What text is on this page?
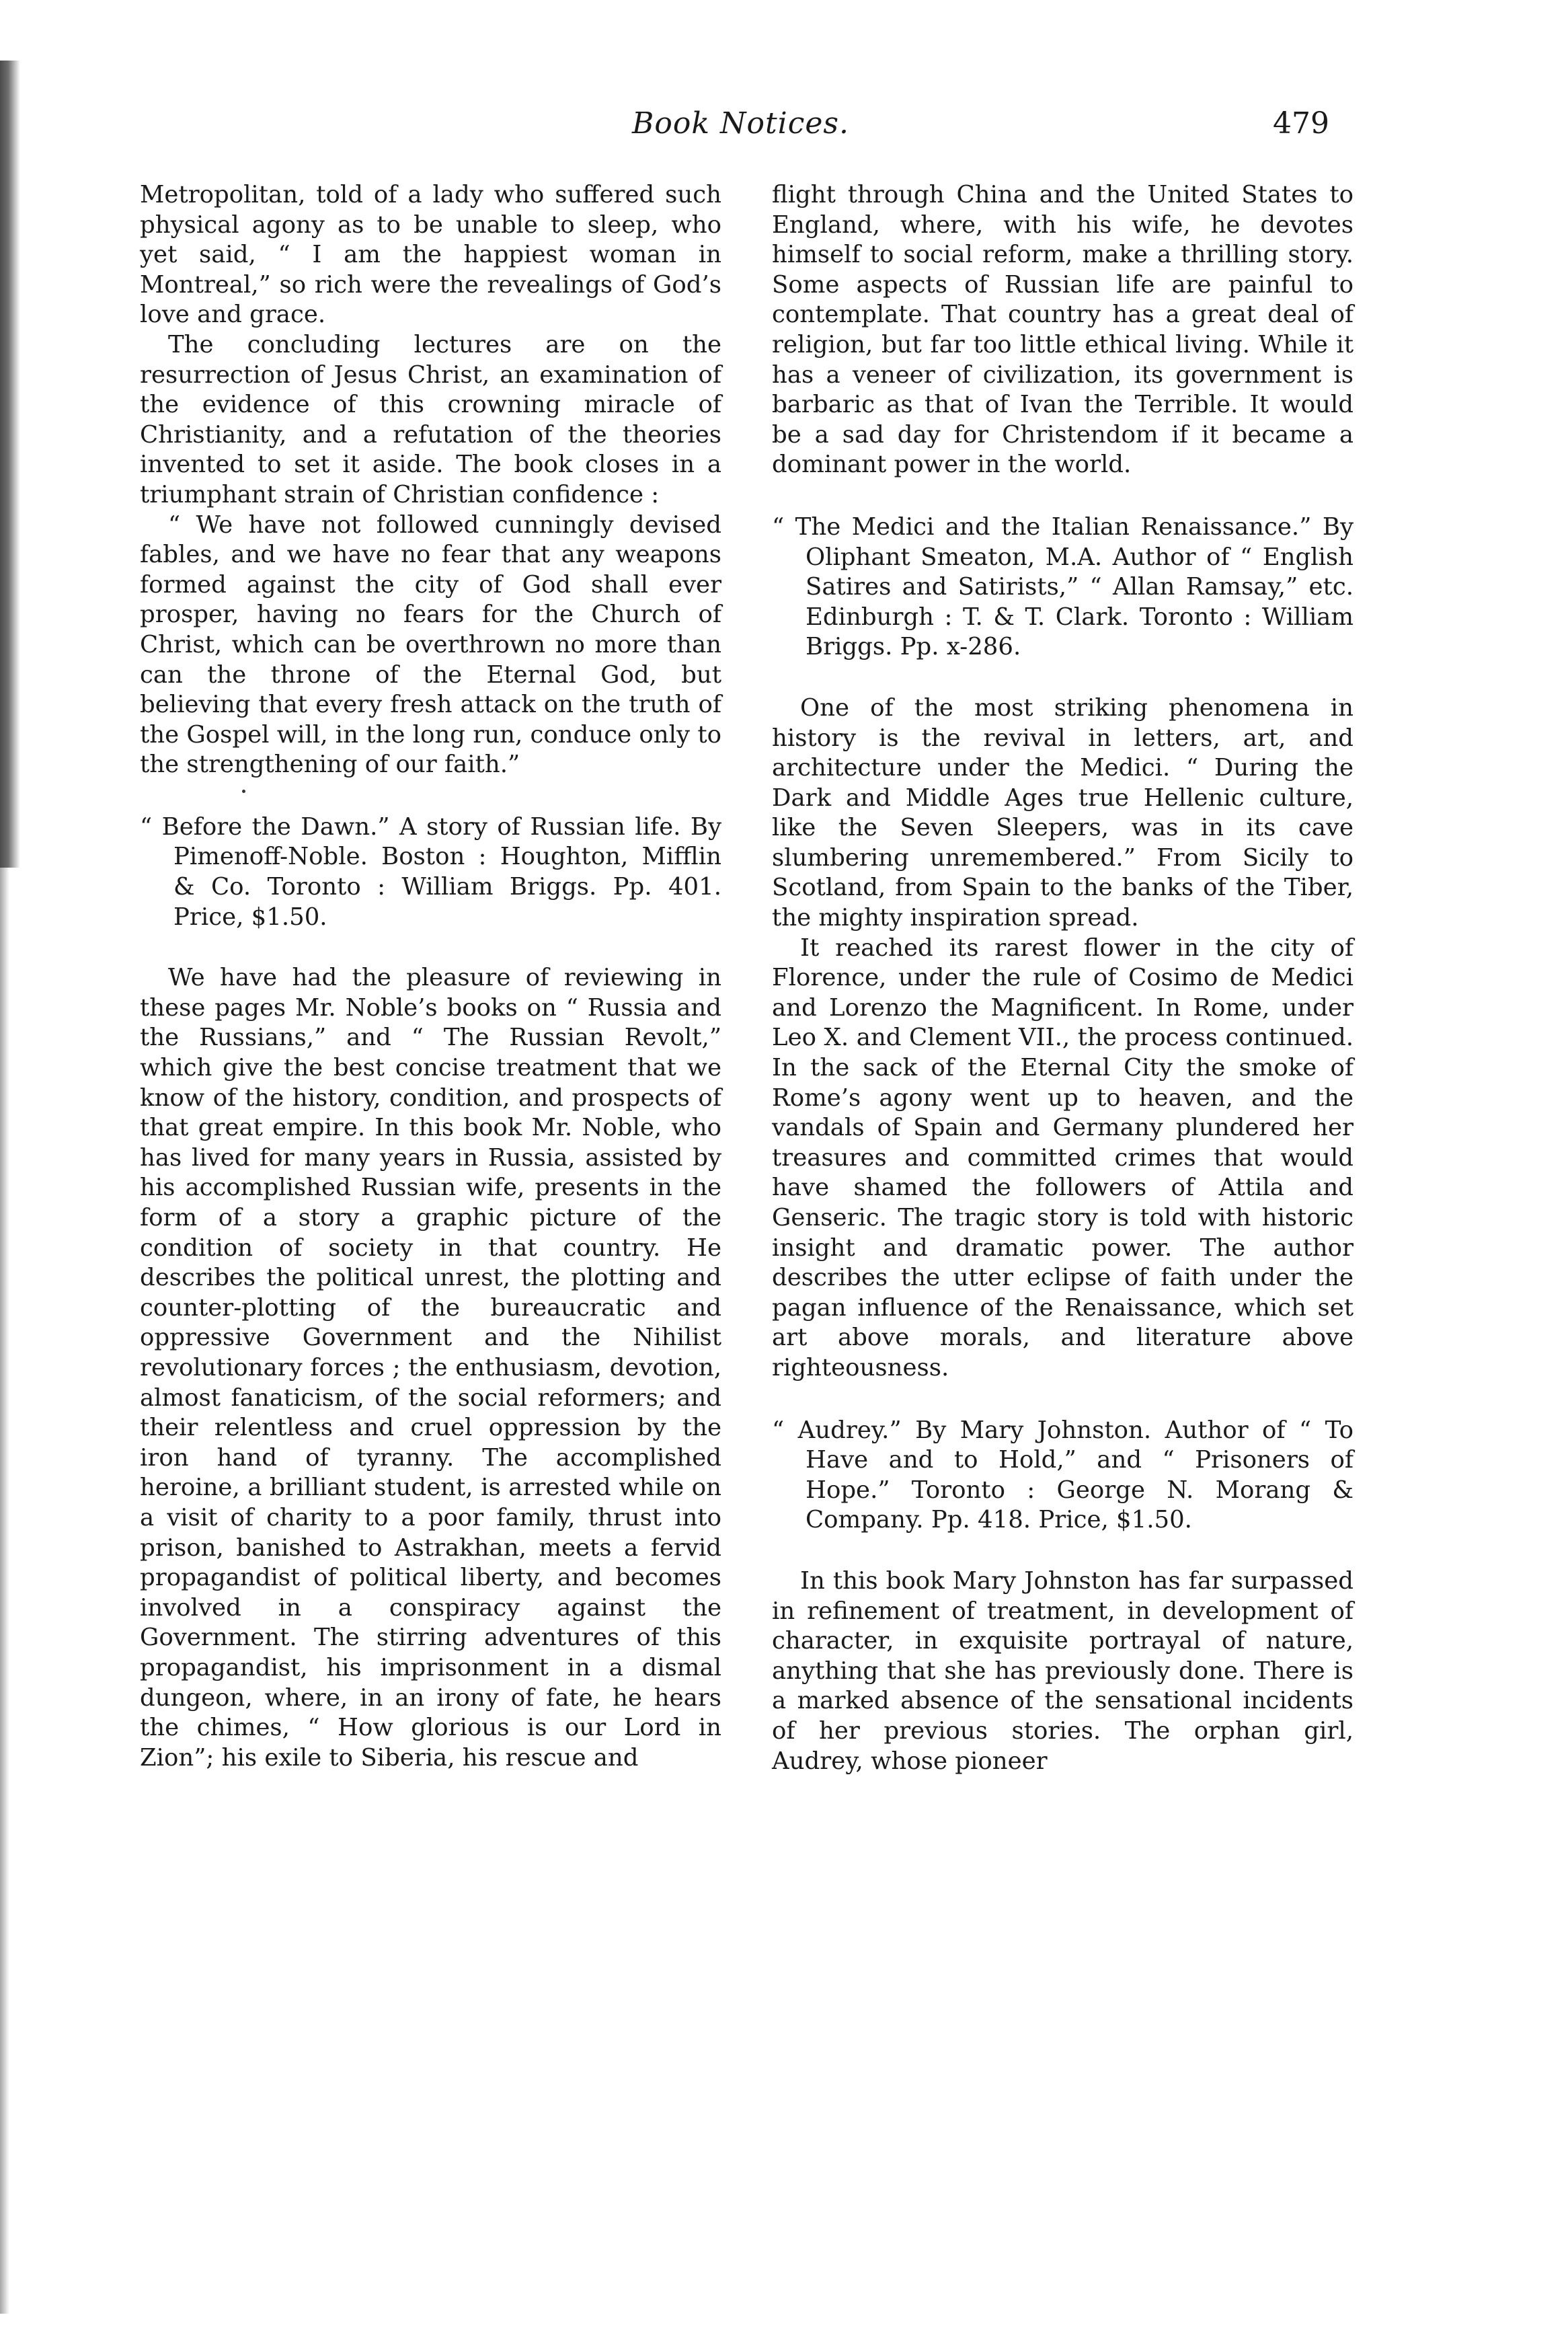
Book Notices.	479

Metropolitan, told of a lady who suffered such physical agony as to be unable to sleep, who yet said, “ I am the happiest woman in Montreal,” so rich were the revealings of God’s love and grace.

The concluding lectures are on the resurrection of Jesus Christ, an examination of the evidence of this crowning miracle of Christianity, and a refutation of the theories invented to set it aside. The book closes in a triumphant strain of Christian confidence :

“ We have not followed cunningly devised fables, and we have no fear that any weapons formed against the city of God shall ever prosper, having no fears for the Church of Christ, which can be overthrown no more than can the throne of the Eternal God, but believing that every fresh attack on the truth of the Gospel will, in the long run, conduce only to the strengthening of our faith.”

“ Before the Dawn.” A story of Russian life. By Pimenoff-Noble. Boston : Houghton, Mifflin & Co. Toronto : William Briggs. Pp. 401. Price, $1.50.

We have had the pleasure of reviewing in these pages Mr. Noble’s books on “ Russia and the Russians,” and “ The Russian Revolt,” which give the best concise treatment that we know of the history, condition, and prospects of that great empire. In this book Mr. Noble, who has lived for many years in Russia, assisted by his accomplished Russian wife, presents in the form of a story a graphic picture of the condition of society in that country. He describes the political unrest, the plotting and counter-plotting of the bureaucratic and oppressive Government and the Nihilist revolutionary forces ; the enthusiasm, devotion, almost fanaticism, of the social reformers; and their relentless and cruel oppression by the iron hand of tyranny. The accomplished heroine, a brilliant student, is arrested while on a visit of charity to a poor family, thrust into prison, banished to Astrakhan, meets a fervid propagandist of political liberty, and becomes involved in a conspiracy against the Government. The stirring adventures of this propagandist, his imprisonment in a dismal dungeon, where, in an irony of fate, he hears the chimes, “ How glorious is our Lord in Zion”; his exile to Siberia, his rescue and

flight through China and the United States to England, where, with his wife, he devotes himself to social reform, make a thrilling story. Some aspects of Russian life are painful to contemplate. That country has a great deal of religion, but far too little ethical living. While it has a veneer of civilization, its government is barbaric as that of Ivan the Terrible. It would be a sad day for Christendom if it became a dominant power in the world.

“ The Medici and the Italian Renaissance.” By Oliphant Smeaton, M.A. Author of “ English Satires and Satirists,” “ Allan Ramsay,” etc. Edinburgh : T. & T. Clark. Toronto : William Briggs. Pp. x-286.

One of the most striking phenomena in history is the revival in letters, art, and architecture under the Medici. “ During the Dark and Middle Ages true Hellenic culture, like the Seven Sleepers, was in its cave slumbering unremembered.” From Sicily to Scotland, from Spain to the banks of the Tiber, the mighty inspiration spread.

It reached its rarest flower in the city of Florence, under the rule of Cosimo de Medici and Lorenzo the Magnificent. In Rome, under Leo X. and Clement VII., the process continued. In the sack of the Eternal City the smoke of Rome’s agony went up to heaven, and the vandals of Spain and Germany plundered her treasures and committed crimes that would have shamed the followers of Attila and Genseric. The tragic story is told with historic insight and dramatic power. The author describes the utter eclipse of faith under the pagan influence of the Renaissance, which set art above morals, and literature above righteousness.

“ Audrey.” By Mary Johnston. Author of “ To Have and to Hold,” and “ Prisoners of Hope.” Toronto : George N. Morang & Company. Pp. 418. Price, $1.50.

In this book Mary Johnston has far surpassed in refinement of treatment, in development of character, in exquisite portrayal of nature, anything that she has previously done. There is a marked absence of the sensational incidents of her previous stories. The orphan girl, Audrey, whose pioneer
